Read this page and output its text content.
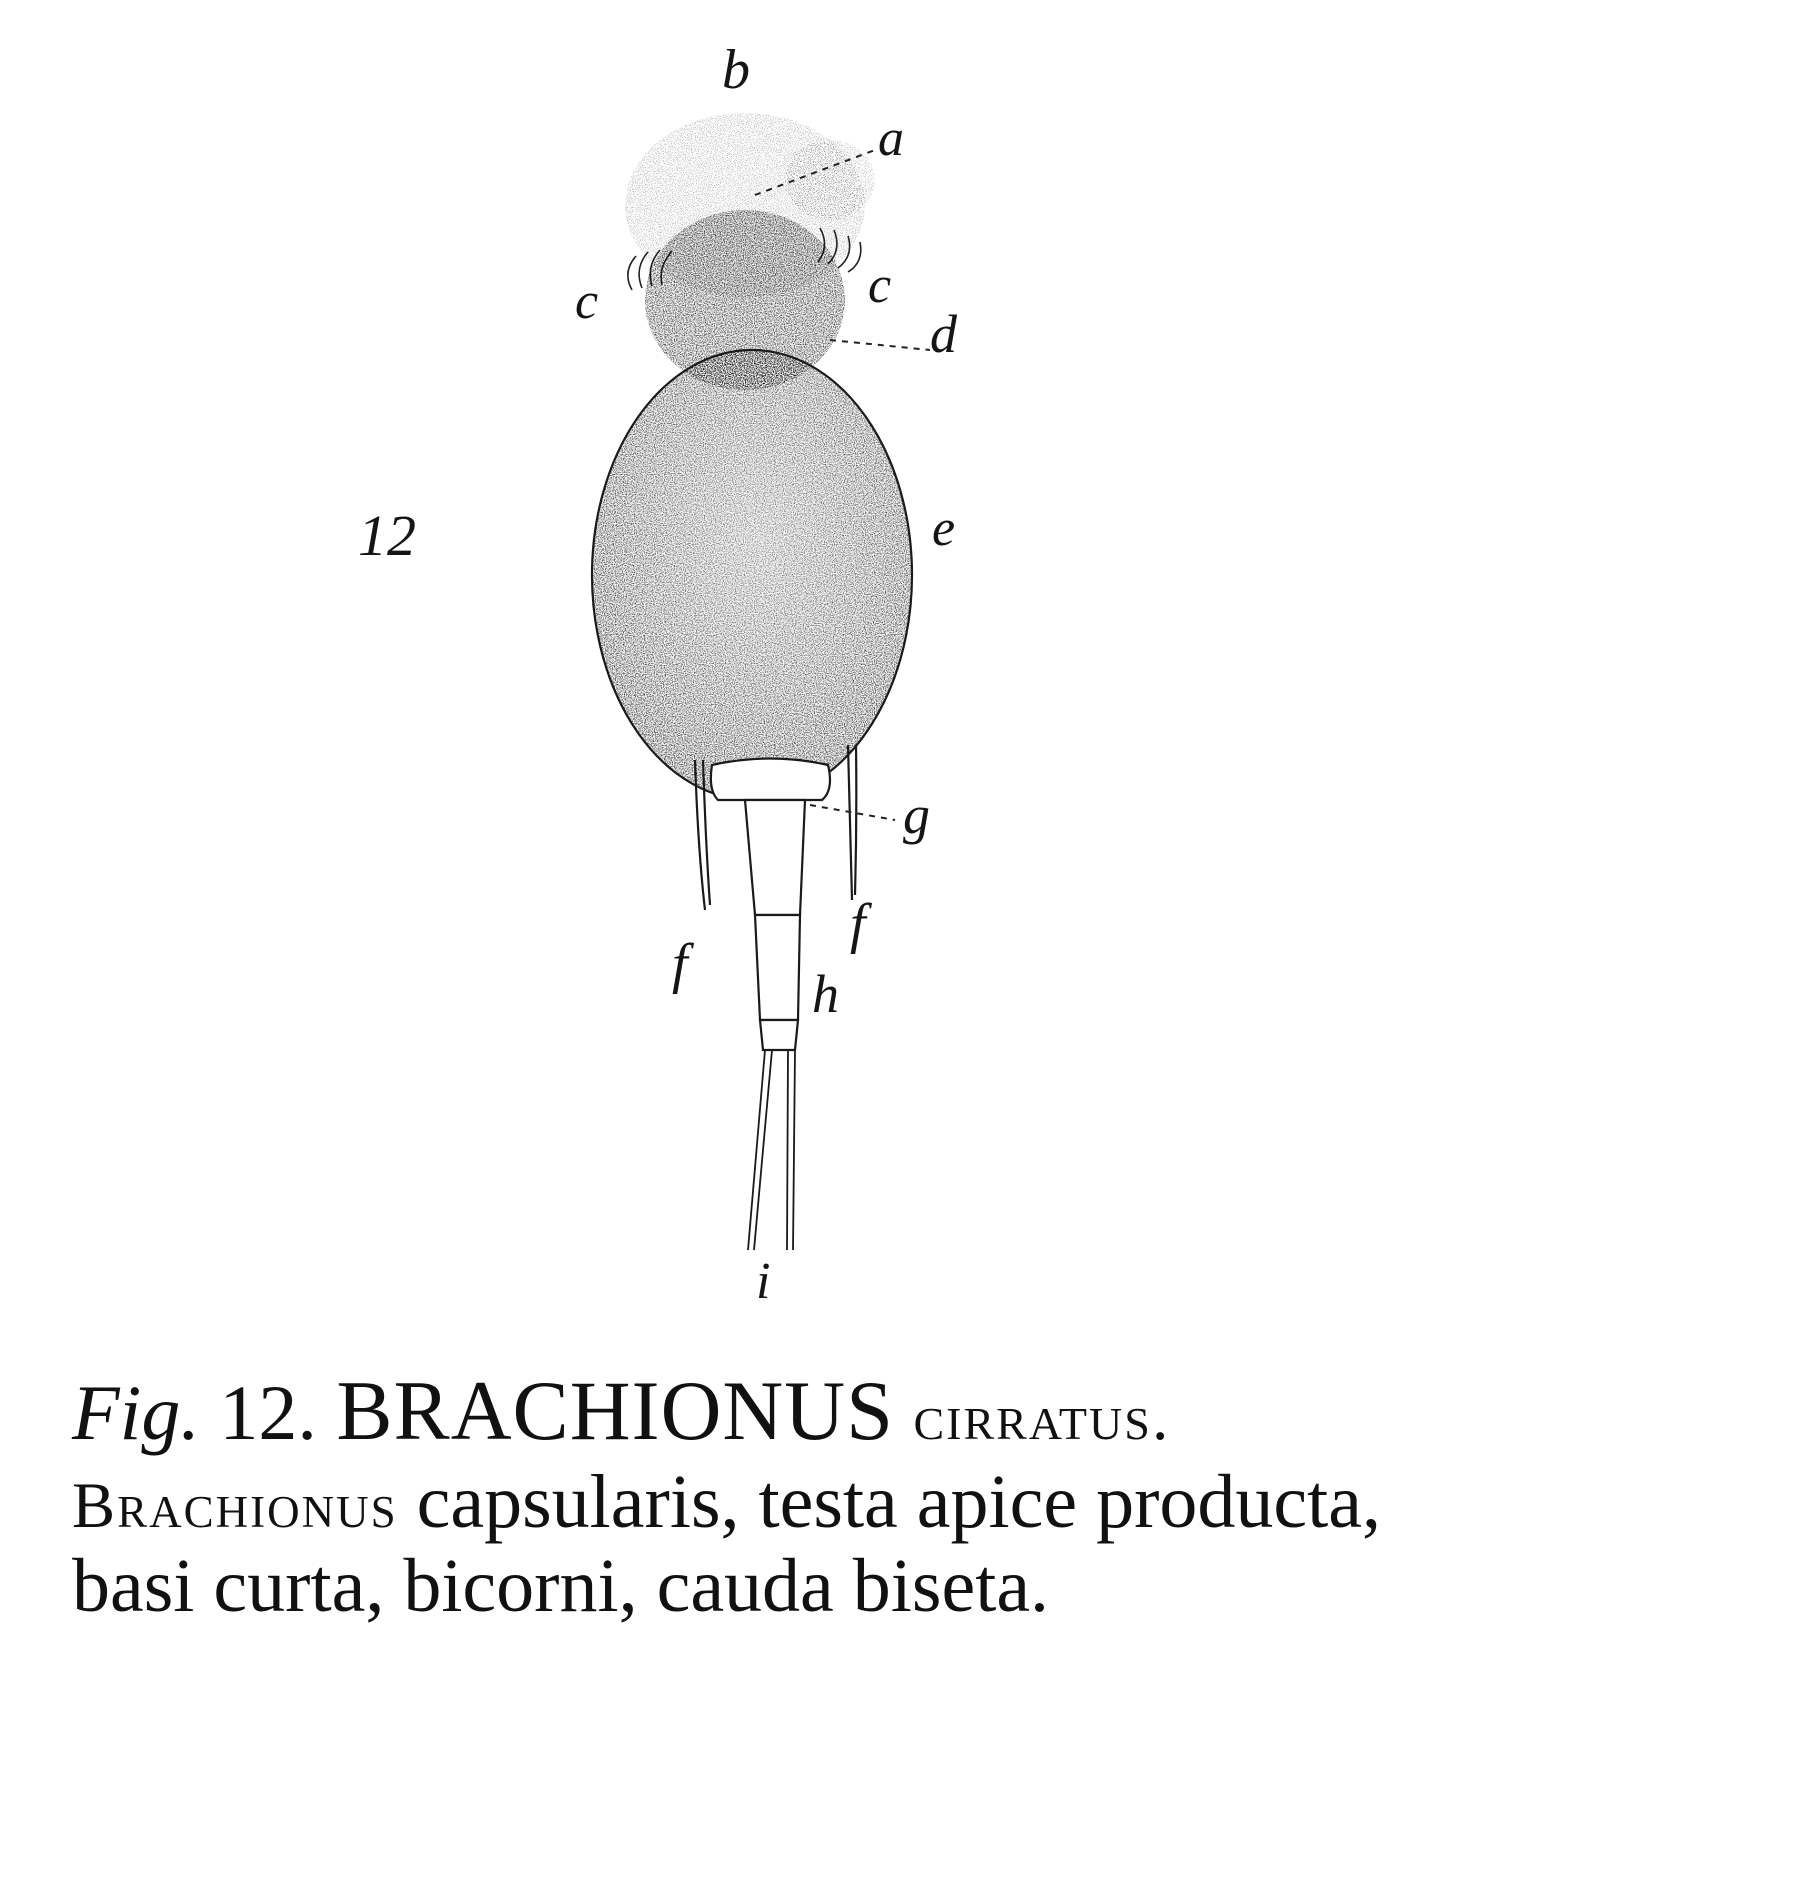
b
a
c	c
d
12	e
g
f
f h
i
Fig. 12. BRACHIONUS cirratus.
Brachionus capsularis, testa apice producta,
basi curta, bicorni, cauda biseta.
